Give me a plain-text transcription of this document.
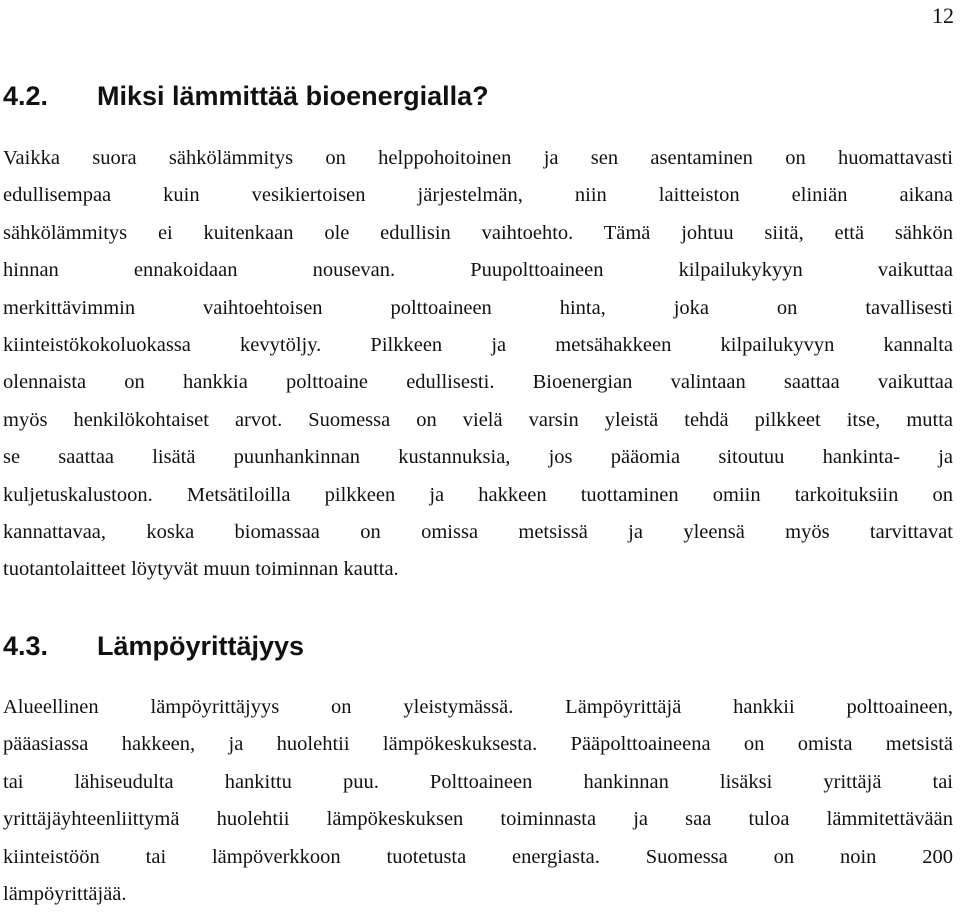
12
4.2. Miksi lämmittää bioenergialla?
Vaikka suora sähkölämmitys on helppohoitoinen ja sen asentaminen on huomattavasti
edullisempaa kuin vesikiertoisen järjestelmän, niin laitteiston eliniän aikana
sähkölämmitys ei kuitenkaan ole edullisin vaihtoehto. Tämä johtuu siitä, että sähkön
hinnan ennakoidaan nousevan. Puupolttoaineen kilpailukykyyn vaikuttaa
merkittävimmin vaihtoehtoisen polttoaineen hinta, joka on tavallisesti
kiinteistökokoluokassa kevytöljy. Pilkkeen ja metsähakkeen kilpailukyvyn kannalta
olennaista on hankkia polttoaine edullisesti. Bioenergian valintaan saattaa vaikuttaa
myös henkilökohtaiset arvot. Suomessa on vielä varsin yleistä tehdä pilkkeet itse, mutta
se saattaa lisätä puunhankinnan kustannuksia, jos pääomia sitoutuu hankinta- ja
kuljetuskalustoon. Metsätiloilla pilkkeen ja hakkeen tuottaminen omiin tarkoituksiin on
kannattavaa, koska biomassaa on omissa metsissä ja yleensä myös tarvittavat
tuotantolaitteet löytyvät muun toiminnan kautta.
4.3. Lämpöyrittäjyys
Alueellinen lämpöyrittäjyys on yleistymässä. Lämpöyrittäjä hankkii polttoaineen,
pääasiassa hakkeen, ja huolehtii lämpökeskuksesta. Pääpolttoaineena on omista metsistä
tai lähiseudulta hankittu puu. Polttoaineen hankinnan lisäksi yrittäjä tai
yrittäjäyhteenliittymä huolehtii lämpökeskuksen toiminnasta ja saa tuloa lämmitettävään
kiinteistöön tai lämpöverkkoon tuotetusta energiasta. Suomessa on noin 200
lämpöyrittäjää.
